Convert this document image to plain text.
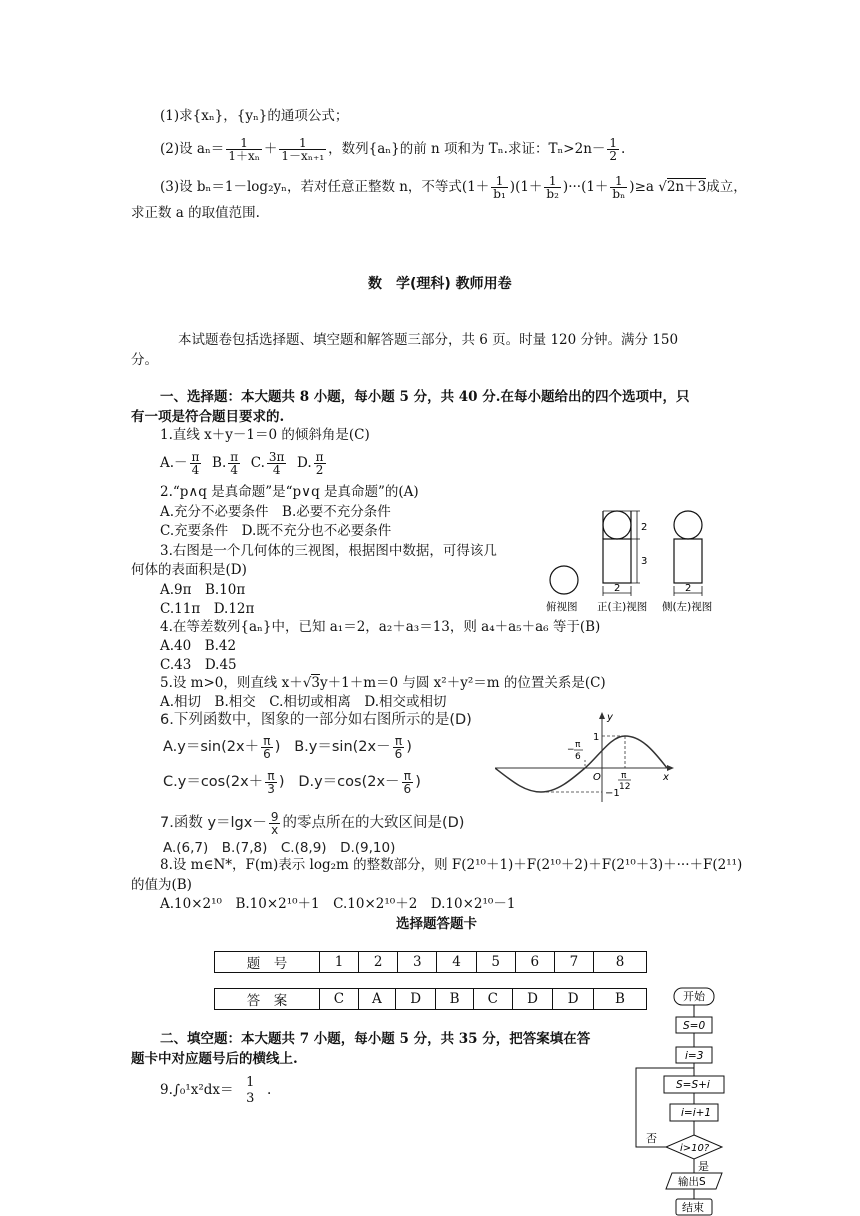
(1)求{xₙ}，{yₙ}的通项公式；
(2)设 $a_n= \frac{1}{\text{1＋xₙ}} + \frac{1}{\text{1－xₙ₊₁}}$ ，数列{aₙ}的前 n 项和为 Tₙ.求证：$T_n>2n- \frac{1}{2}$ .
(3)设 bₙ＝1－log₂yₙ，若对任意正整数 n，不等式$(1+ \frac{1}{\text{b₁}} )(1+ \frac{1}{\text{b₂}} )\cdot\cdot\cdot(1+ \frac{1}{\text{bₙ}} )\ge a$ √2n＋3成立，
求正数 a 的取值范围.
数　学(理科) 教师用卷
本试题卷包括选择题、填空题和解答题三部分，共 6 页。时量 120 分钟。满分 150
分。
一、选择题：本大题共 8 小题，每小题 5 分，共 40 分.在每小题给出的四个选项中，只
有一项是符合题目要求的.
1.直线 x＋y－1＝0 的倾斜角是(C)
$A.- \frac{\pi}{4} B$. $\frac{\pi}{4} C$. $\frac{3\pi}{4} D$. $\frac{\pi}{2}$
2.“p∧q 是真命题”是“p∨q 是真命题”的(A)
A.充分不必要条件　B.必要不充分条件
C.充要条件　D.既不充分也不必要条件
3.右图是一个几何体的三视图，根据图中数据，可得该几
何体的表面积是(D)
A.9π　B.10π
C.11π　D.12π
2
3
2	2
俯视图 正(主)视图 侧(左)视图
4.在等差数列{aₙ}中，已知 a₁＝2，a₂＋a₃＝13，则 a₄＋a₅＋a₆ 等于(B)
A.40　B.42
C.43　D.45
5.设 m>0，则直线 x＋√3y＋1＋m＝0 与圆 x²＋y²＝m 的位置关系是(C)
A.相切　B.相交　C.相切或相离　D.相交或相切
6.下列函数中，图象的一部分如右图所示的是(D)
$A.y=\sin(2x+ \frac{\pi}{6}$ ) $B.y=\sin(2x- \frac{\pi}{6}$ )
$C.y=\cos(2x+ \frac{\pi}{3}$ ) $D.y=\cos(2x- \frac{\pi}{6}$ )
y
x
O
1
−1
− π
6
π
12
7.函数 $y=\lg x- \frac{9}{x}$ 的零点所在的大致区间是(D)
A.(6,7)　B.(7,8)　C.(8,9)　D.(9,10)
8.设 m∈N*，F(m)表示 log₂m 的整数部分，则 F(2¹⁰＋1)＋F(2¹⁰＋2)＋F(2¹⁰＋3)＋···＋F(2¹¹)
的值为(B)
A.10×2¹⁰　B.10×2¹⁰＋1　C.10×2¹⁰＋2　D.10×2¹⁰－1
选择题答题卡
题　号	1	2	3	4	5	6	7	8
答　案	C	A	D	B	C	D	D	B
二、填空题：本大题共 7 小题，每小题 5 分，共 35 分，把答案填在答
题卡中对应题号后的横线上.
9.∫₀¹x²dx＝ 1
3 .
开始
S=0
i=3
S=S+i
i=i+1
i>10?
否
是
输出S
结束
